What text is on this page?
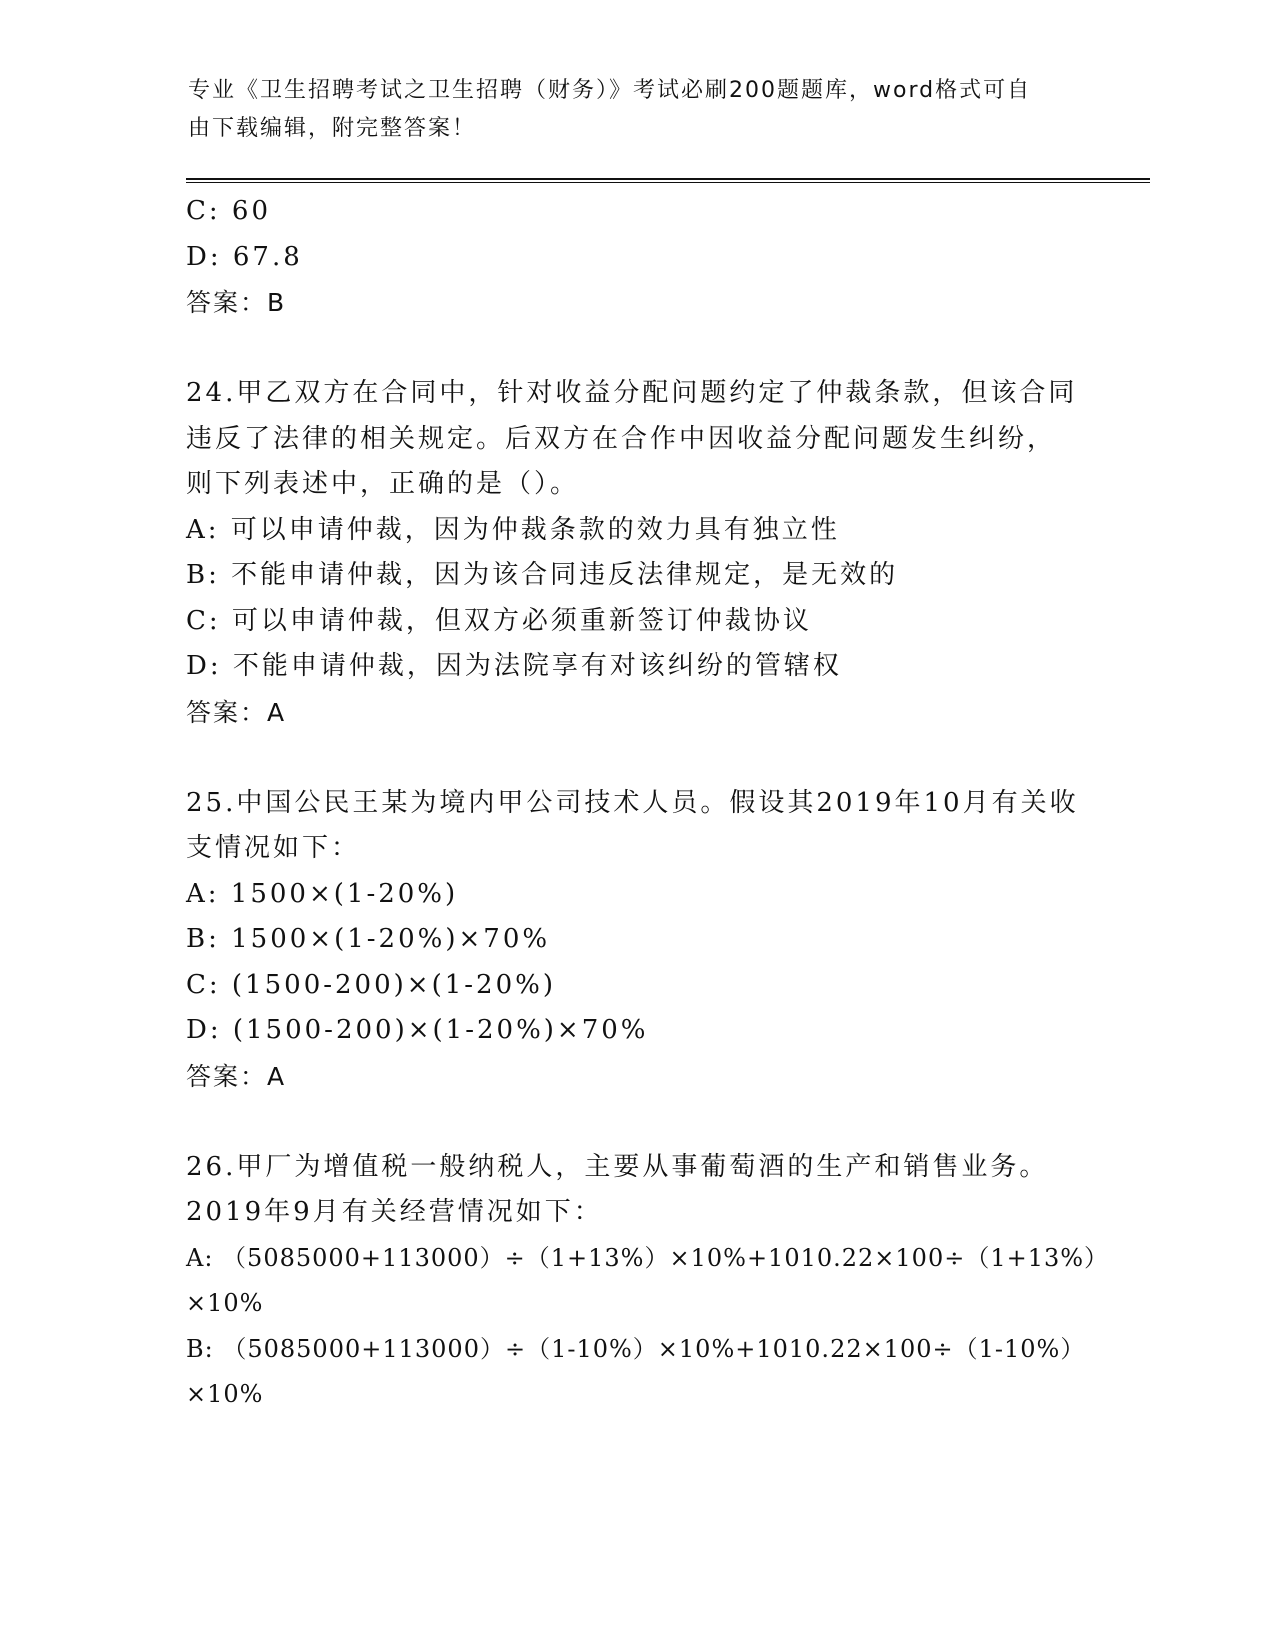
专业《卫生招聘考试之卫生招聘（财务）》考试必刷200题题库，word格式可自
由下载编辑，附完整答案！
C: 60
D: 67.8
答案：B
24.甲乙双方在合同中，针对收益分配问题约定了仲裁条款，但该合同
违反了法律的相关规定。后双方在合作中因收益分配问题发生纠纷，
则下列表述中，正确的是（）。
A: 可以申请仲裁，因为仲裁条款的效力具有独立性
B: 不能申请仲裁，因为该合同违反法律规定，是无效的
C: 可以申请仲裁，但双方必须重新签订仲裁协议
D: 不能申请仲裁，因为法院享有对该纠纷的管辖权
答案：A
25.中国公民王某为境内甲公司技术人员。假设其2019年10月有关收
支情况如下：
A: 1500×(1-20%)
B: 1500×(1-20%)×70%
C: (1500-200)×(1-20%)
D: (1500-200)×(1-20%)×70%
答案：A
26.甲厂为增值税一般纳税人，主要从事葡萄酒的生产和销售业务。
2019年9月有关经营情况如下：
A: （5085000+113000）÷（1+13%）×10%+1010.22×100÷（1+13%）
×10%
B: （5085000+113000）÷（1-10%）×10%+1010.22×100÷（1-10%）
×10%
